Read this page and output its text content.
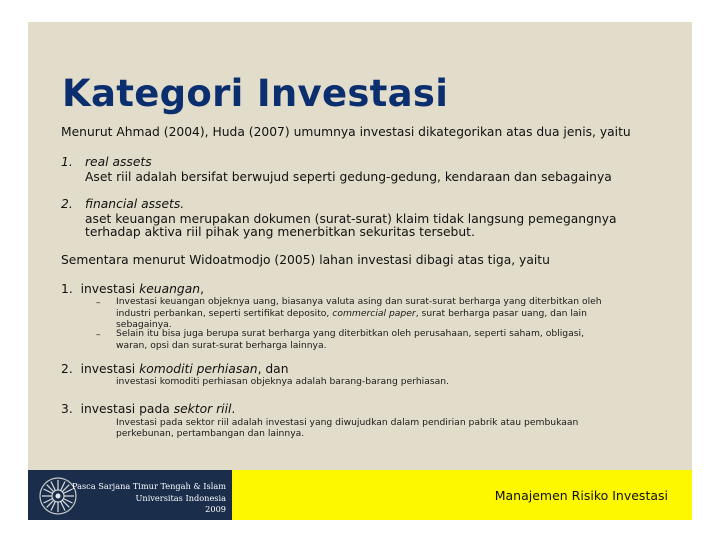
Kategori Investasi
Menurut Ahmad (2004), Huda (2007) umumnya investasi dikategorikan atas dua jenis, yaitu
1. real assets
Aset riil adalah bersifat berwujud seperti gedung-gedung, kendaraan dan sebagainya
2. financial assets.
aset keuangan merupakan dokumen (surat-surat) klaim tidak langsung pemegangnya
terhadap aktiva riil pihak yang menerbitkan sekuritas tersebut.
Sementara menurut Widoatmodjo (2005) lahan investasi dibagi atas tiga, yaitu
1. investasi keuangan,
– Investasi keuangan objeknya uang, biasanya valuta asing dan surat-surat berharga yang diterbitkan oleh
industri perbankan, seperti sertifikat deposito, commercial paper, surat berharga pasar uang, dan lain
sebagainya.
– Selain itu bisa juga berupa surat berharga yang diterbitkan oleh perusahaan, seperti saham, obligasi,
waran, opsi dan surat-surat berharga lainnya.
2. investasi komoditi perhiasan, dan
investasi komoditi perhiasan objeknya adalah barang-barang perhiasan.
3. investasi pada sektor riil.
Investasi pada sektor riil adalah investasi yang diwujudkan dalam pendirian pabrik atau pembukaan
perkebunan, pertambangan dan lainnya.
Pasca Sarjana Timur Tengah & Islam
Universitas Indonesia
2009
Manajemen Risiko Investasi
